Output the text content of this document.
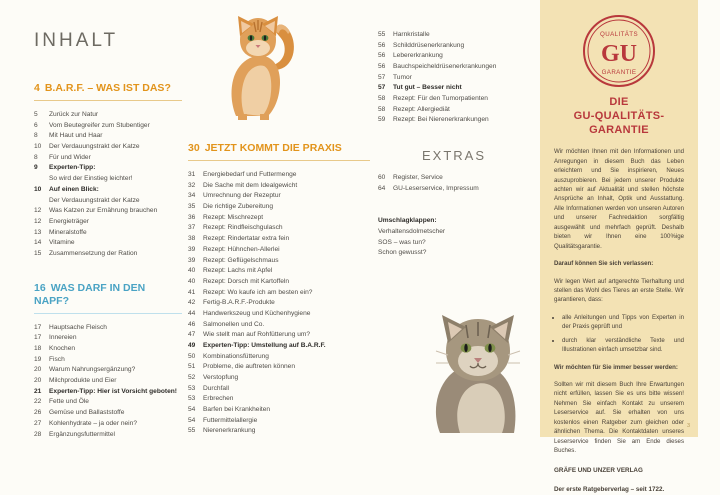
INHALT
4 B.A.R.F. – WAS IST DAS?
5	Zurück zur Natur
6	Vom Beutegreifer zum Stubentiger
8	Mit Haut und Haar
10	Der Verdauungstrakt der Katze
8	Für und Wider
9	Experten-Tipp:
So wird der Einstieg leichter!
10	Auf einen Blick:
Der Verdauungstrakt der Katze
12	Was Katzen zur Ernährung brauchen
12	Energieträger
13	Mineralstoffe
14	Vitamine
15	Zusammensetzung der Ration
16 WAS DARF IN DEN NAPF?
17	Hauptsache Fleisch
17	Innereien
18	Knochen
19	Fisch
20	Warum Nahrungsergänzung?
20	Milchprodukte und Eier
21	Experten-Tipp: Hier ist Vorsicht geboten!
22	Fette und Öle
26	Gemüse und Ballaststoffe
27	Kohlenhydrate – ja oder nein?
28	Ergänzungsfuttermittel
30 JETZT KOMMT DIE PRAXIS
31	Energiebedarf und Futtermenge
32	Die Sache mit dem Idealgewicht
34	Umrechnung der Rezeptur
35	Die richtige Zubereitung
36	Rezept: Mischrezept
37	Rezept: Rindfleischgulasch
38	Rezept: Rindertatar extra fein
39	Rezept: Hühnchen-Allerlei
39	Rezept: Geflügelschmaus
40	Rezept: Lachs mit Apfel
40	Rezept: Dorsch mit Kartoffeln
41	Rezept: Wo kaufe ich am besten ein?
42	Fertig-B.A.R.F.-Produkte
44	Handwerkszeug und Küchenhygiene
46	Salmonellen und Co.
47	Wie stellt man auf Rohfütterung um?
49	Experten-Tipp: Umstellung auf B.A.R.F.
50	Kombinationsfütterung
51	Probleme, die auftreten können
52	Verstopfung
53	Durchfall
53	Erbrechen
54	Barfen bei Krankheiten
54	Futtermittelallergie
55	Nierenerkrankung
55	Harnkristalle
56	Schilddrüsenerkrankung
56	Lebererkrankung
56	Bauchspeicheldrüsenerkrankungen
57	Tumor
57	Tut gut – Besser nicht
58	Rezept: Für den Tumorpatienten
58	Rezept: Allergiediät
59	Rezept: Bei Nierenerkrankungen
EXTRAS
60	Register, Service
64	GU-Leserservice, Impressum
Umschlagklappen:
Verhaltensdolmetscher
SOS – was tun?
Schon gewusst?
QUALITÄTS
GU
GARANTIE
DIE
GU-QUALITÄTS-
GARANTIE

Wir möchten Ihnen mit den Informationen und Anregungen in diesem Buch das Leben erleichtern und Sie inspirieren, Neues auszuprobieren. Bei jedem unserer Produkte achten wir auf Aktualität und stellen höchste Ansprüche an Inhalt, Optik und Ausstattung. Alle Informationen werden von unseren Autoren und unserer Fachredaktion sorgfältig ausgewählt und mehrfach geprüft. Deshalb bieten wir Ihnen eine 100%ige Qualitätsgarantie.

Darauf können Sie sich verlassen:

Wir legen Wert auf artgerechte Tierhaltung und stellen das Wohl des Tieres an erste Stelle. Wir garantieren, dass:

• alle Anleitungen und Tipps von Experten in der Praxis geprüft und
• durch klar verständliche Texte und Illustrationen einfach umsetzbar sind.

Wir möchten für Sie immer besser werden:

Sollten wir mit diesem Buch Ihre Erwartungen nicht erfüllen, lassen Sie es uns bitte wissen! Nehmen Sie einfach Kontakt zu unserem Leserservice auf. Sie erhalten von uns kostenlos einen Ratgeber zum gleichen oder ähnlichen Thema. Die Kontaktdaten unseres Leserservice finden Sie am Ende dieses Buches.

GRÄFE UND UNZER VERLAG
Der erste Ratgeberverlag – seit 1722.
3
